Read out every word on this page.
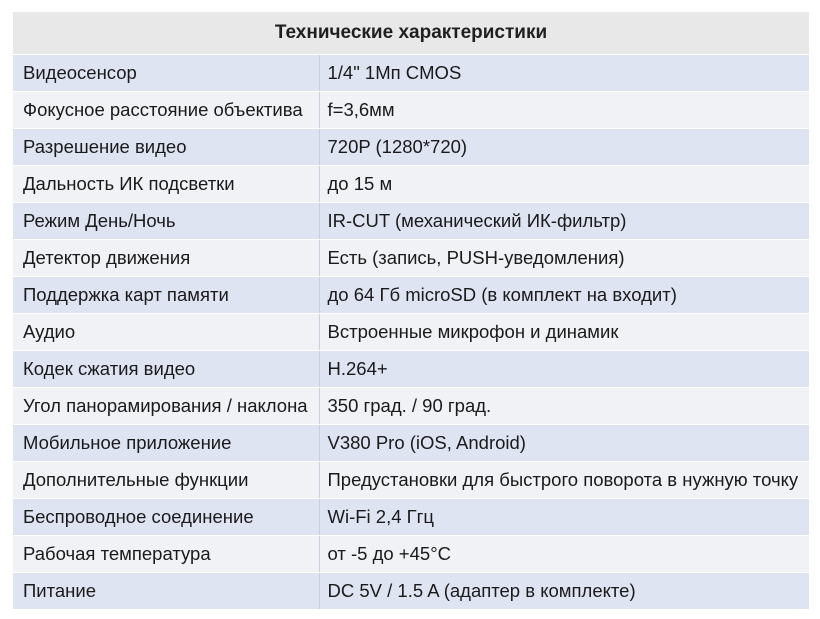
Технические характеристики	
Видеосенсор	1/4" 1Мп CMOS
Фокусное расстояние объектива	f=3,6мм
Разрешение видео	720P (1280*720)
Дальность ИК подсветки	до 15 м
Режим День/Ночь	IR-CUT (механический ИК-фильтр)
Детектор движения	Есть (запись, PUSH-уведомления)
Поддержка карт памяти	до 64 Гб microSD (в комплект на входит)
Аудио	Встроенные микрофон и динамик
Кодек сжатия видео	H.264+
Угол панорамирования / наклона	350 град. / 90 град.
Мобильное приложение	V380 Pro (iOS, Android)
Дополнительные функции	Предустановки для быстрого поворота в нужную точку
Беспроводное соединение	Wi-Fi 2,4 Ггц
Рабочая температура	от -5 до +45°C
Питание	DC 5V / 1.5 A (адаптер в комплекте)
